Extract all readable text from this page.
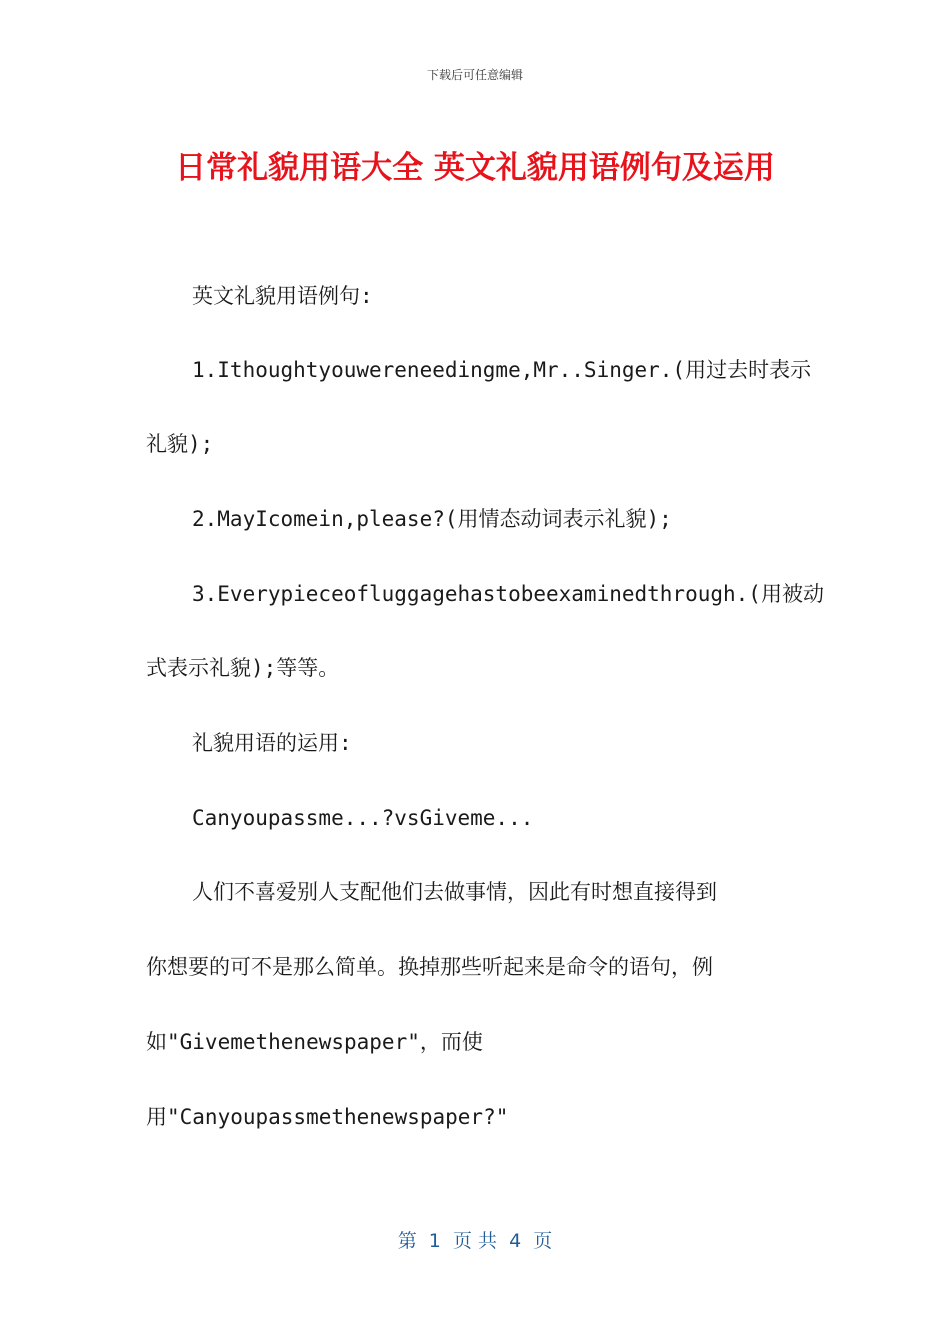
下载后可任意编辑
日常礼貌用语大全 英文礼貌用语例句及运用
英文礼貌用语例句:
1.Ithoughtyouwereneedingme,Mr..Singer.(用过去时表示
礼貌);
2.MayIcomein,please?(用情态动词表示礼貌);
3.Everypieceofluggagehastobeexaminedthrough.(用被动
式表示礼貌);等等。
礼貌用语的运用:
Canyoupassme...?vsGiveme...
人们不喜爱别人支配他们去做事情，因此有时想直接得到
你想要的可不是那么简单。换掉那些听起来是命令的语句，例
如"Givemethenewspaper"，而使
用"Canyoupassmethenewspaper?"
第  1  页 共  4  页
